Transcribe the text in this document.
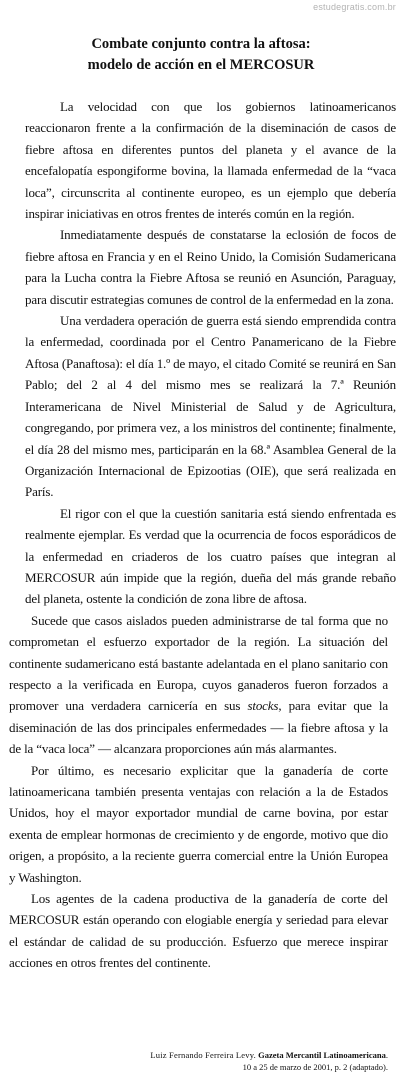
estudegratis.com.br
Combate conjunto contra la aftosa:
modelo de acción en el MERCOSUR

La velocidad con que los gobiernos latinoamericanos reaccionaron frente a la confirmación de la diseminación de casos de fiebre aftosa en diferentes puntos del planeta y el avance de la encefalopatía espongiforme bovina, la llamada enfermedad de la “vaca loca”, circunscrita al continente europeo, es un ejemplo que debería inspirar iniciativas en otros frentes de interés común en la región.

Inmediatamente después de constatarse la eclosión de focos de fiebre aftosa en Francia y en el Reino Unido, la Comisión Sudamericana para la Lucha contra la Fiebre Aftosa se reunió en Asunción, Paraguay, para discutir estrategias comunes de control de la enfermedad en la zona.

Una verdadera operación de guerra está siendo emprendida contra la enfermedad, coordinada por el Centro Panamericano de la Fiebre Aftosa (Panaftosa): el día 1.º de mayo, el citado Comité se reunirá en San Pablo; del 2 al 4 del mismo mes se realizará la 7.ª Reunión Interamericana de Nivel Ministerial de Salud y de Agricultura, congregando, por primera vez, a los ministros del continente; finalmente, el día 28 del mismo mes, participarán en la 68.ª Asamblea General de la Organización Internacional de Epizootias (OIE), que será realizada en París.

El rigor con el que la cuestión sanitaria está siendo enfrentada es realmente ejemplar. Es verdad que la ocurrencia de focos esporádicos de la enfermedad en criaderos de los cuatro países que integran al MERCOSUR aún impide que la región, dueña del más grande rebaño del planeta, ostente la condición de zona libre de aftosa.

Sucede que casos aislados pueden administrarse de tal forma que no comprometan el esfuerzo exportador de la región. La situación del continente sudamericano está bastante adelantada en el plano sanitario con respecto a la verificada en Europa, cuyos ganaderos fueron forzados a promover una verdadera carnicería en sus stocks, para evitar que la diseminación de las dos principales enfermedades — la fiebre aftosa y la de la “vaca loca” — alcanzara proporciones aún más alarmantes.

Por último, es necesario explicitar que la ganadería de corte latinoamericana también presenta ventajas con relación a la de Estados Unidos, hoy el mayor exportador mundial de carne bovina, por estar exenta de emplear hormonas de crecimiento y de engorde, motivo que dio origen, a propósito, a la reciente guerra comercial entre la Unión Europea y Washington.

Los agentes de la cadena productiva de la ganadería de corte del MERCOSUR están operando con elogiable energía y seriedad para elevar el estándar de calidad de su producción. Esfuerzo que merece inspirar acciones en otros frentes del continente.

Luiz Fernando Ferreira Levy. Gazeta Mercantil Latinoamericana. 10 a 25 de marzo de 2001, p. 2 (adaptado).
